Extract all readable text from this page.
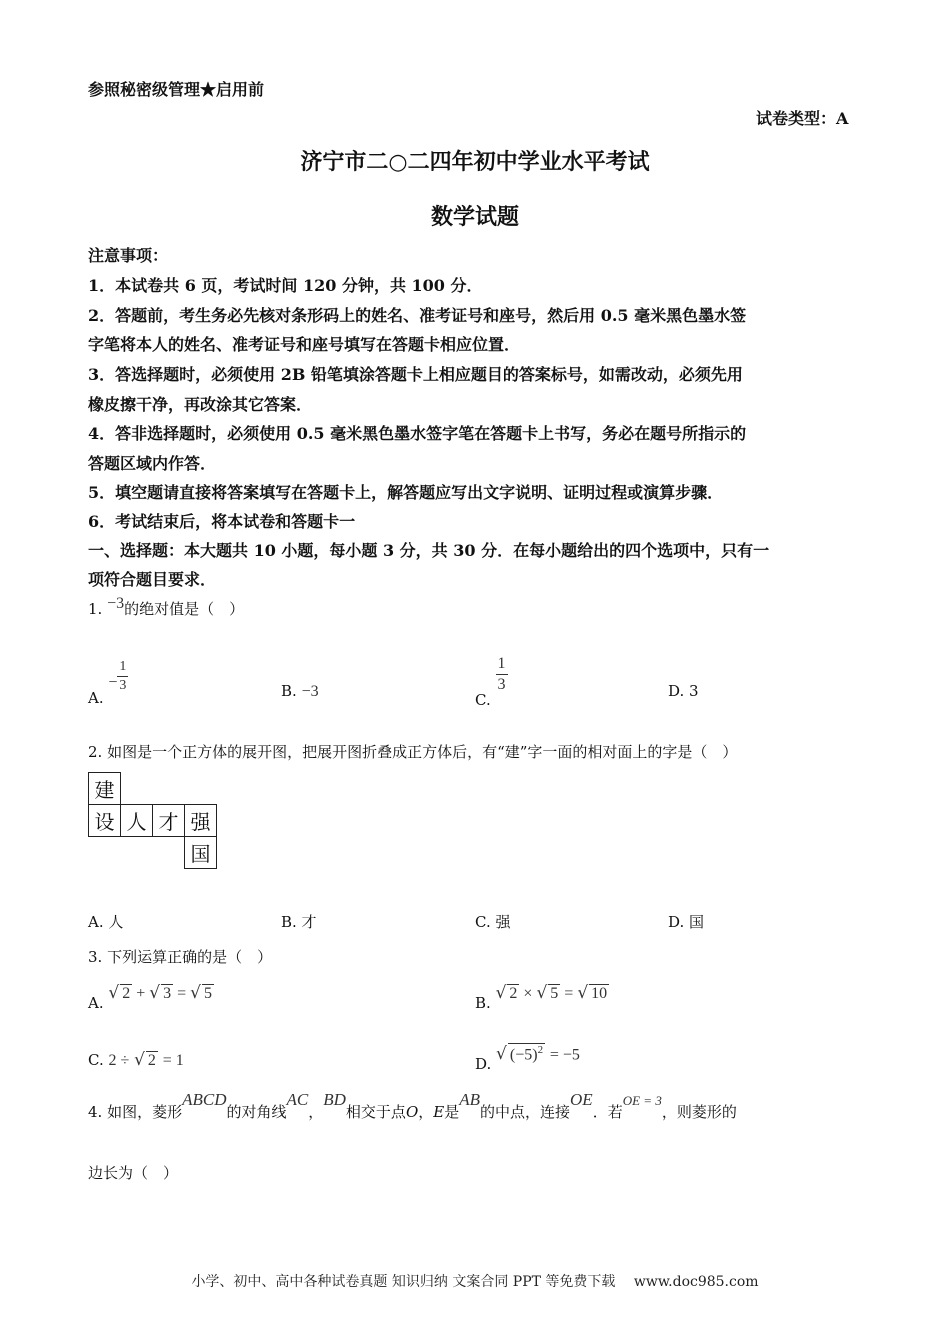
参照秘密级管理★启用前
试卷类型：A
济宁市二○二四年初中学业水平考试
数学试题
注意事项：
1．本试卷共 6 页，考试时间 120 分钟，共 100 分．
2．答题前，考生务必先核对条形码上的姓名、准考证号和座号，然后用 0.5 毫米黑色墨水签
字笔将本人的姓名、准考证号和座号填写在答题卡相应位置．
3．答选择题时，必须使用 2B 铅笔填涂答题卡上相应题目的答案标号，如需改动，必须先用
橡皮擦干净，再改涂其它答案．
4．答非选择题时，必须使用 0.5 毫米黑色墨水签字笔在答题卡上书写，务必在题号所指示的
答题区域内作答．
5．填空题请直接将答案填写在答题卡上，解答题应写出文字说明、证明过程或演算步骤．
6．考试结束后，将本试卷和答题卡一
一、选择题：本大题共 10 小题，每小题 3 分，共 30 分．在每小题给出的四个选项中，只有一
项符合题目要求．
1. −3的绝对值是（　）
A. − $\frac{1}{3}$	B. −3	C.
$\frac{1}{3}$	D. 3
2. 如图是一个正方体的展开图，把展开图折叠成正方体后，有“建”字一面的相对面上的字是（　）
建			
设	人	才	强
			国
A. 人	B. 才	C. 强	D. 国
3. 下列运算正确的是（　）
A. √ 2 + √ 3 = √ 5
B. √ 2 × √ 5 = √ 10
C. 2 ÷ √ 2 = 1	D. √ $(-5)^2 = -5$
4. 如图，菱形ABCD的对角线AC，BD相交于点O，E是AB的中点，连接OE．若OE = 3，则菱形的
边长为（　）
小学、初中、高中各种试卷真题 知识归纳 文案合同 PPT 等免费下载　 www.doc985.com
